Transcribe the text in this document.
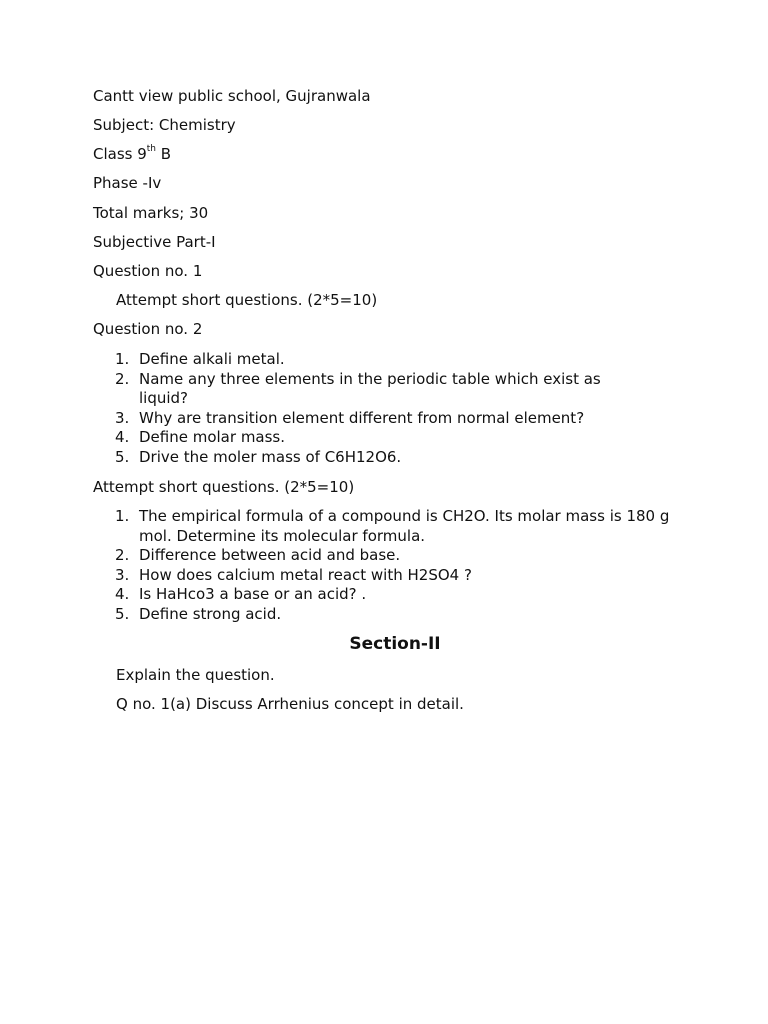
Cantt view public school, Gujranwala
Subject: Chemistry
Class 9th B
Phase -Iv
Total marks; 30
Subjective Part-I
Question no. 1
Attempt short questions. (2*5=10)
Question no. 2
1. Define alkali metal.
2. Name any three elements in the periodic table which exist as liquid?
3. Why are transition element different from normal element?
4. Define molar mass.
5. Drive the moler mass of C6H12O6.
Attempt short questions. (2*5=10)
1. The empirical formula of a compound is CH2O. Its molar mass is 180 g mol. Determine its molecular formula.
2. Difference between acid and base.
3. How does calcium metal react with H2SO4 ?
4. Is HaHco3 a base or an acid? .
5. Define strong acid.
Section-II
Explain the question.
Q no. 1(a) Discuss Arrhenius concept in detail.
